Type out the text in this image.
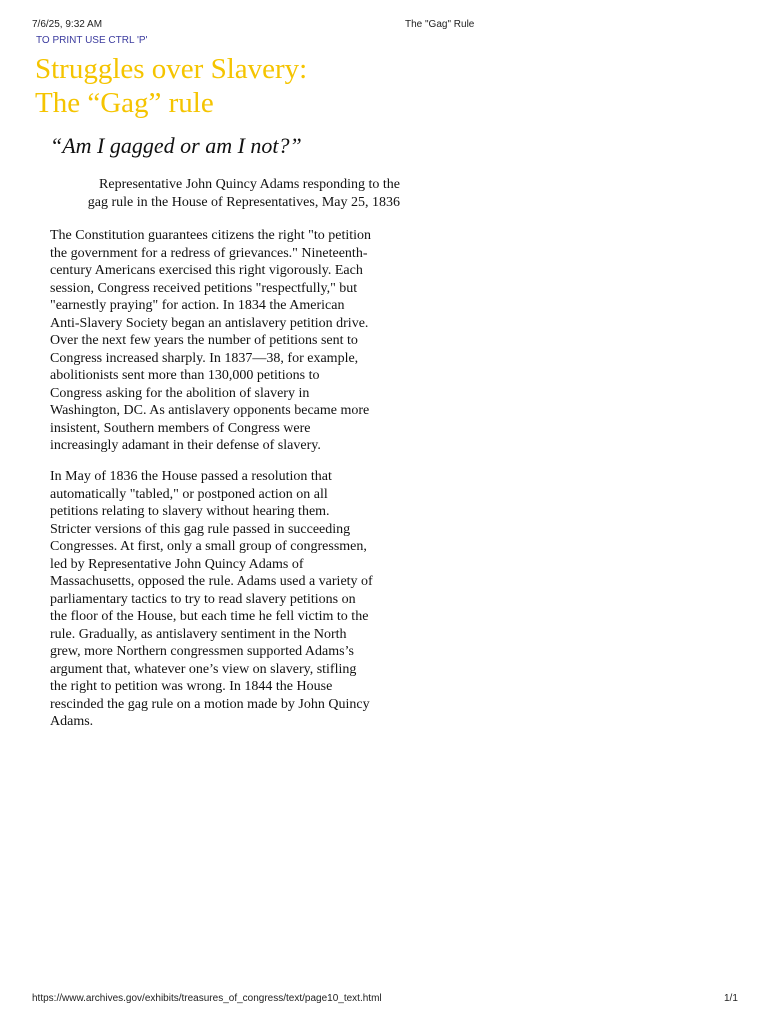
7/6/25, 9:32 AM	The "Gag" Rule
TO PRINT USE CTRL 'P'
Struggles over Slavery:
The “Gag” rule

“Am I gagged or am I not?”

Representative John Quincy Adams responding to the
gag rule in the House of Representatives, May 25, 1836
The Constitution guarantees citizens the right "to petition
the government for a redress of grievances." Nineteenth-
century Americans exercised this right vigorously. Each
session, Congress received petitions "respectfully," but
"earnestly praying" for action. In 1834 the American
Anti-Slavery Society began an antislavery petition drive.
Over the next few years the number of petitions sent to
Congress increased sharply. In 1837—38, for example,
abolitionists sent more than 130,000 petitions to
Congress asking for the abolition of slavery in
Washington, DC. As antislavery opponents became more
insistent, Southern members of Congress were
increasingly adamant in their defense of slavery.
In May of 1836 the House passed a resolution that
automatically "tabled," or postponed action on all
petitions relating to slavery without hearing them.
Stricter versions of this gag rule passed in succeeding
Congresses. At first, only a small group of congressmen,
led by Representative John Quincy Adams of
Massachusetts, opposed the rule. Adams used a variety of
parliamentary tactics to try to read slavery petitions on
the floor of the House, but each time he fell victim to the
rule. Gradually, as antislavery sentiment in the North
grew, more Northern congressmen supported Adams’s
argument that, whatever one’s view on slavery, stifling
the right to petition was wrong. In 1844 the House
rescinded the gag rule on a motion made by John Quincy
Adams.
https://www.archives.gov/exhibits/treasures_of_congress/text/page10_text.html	1/1
